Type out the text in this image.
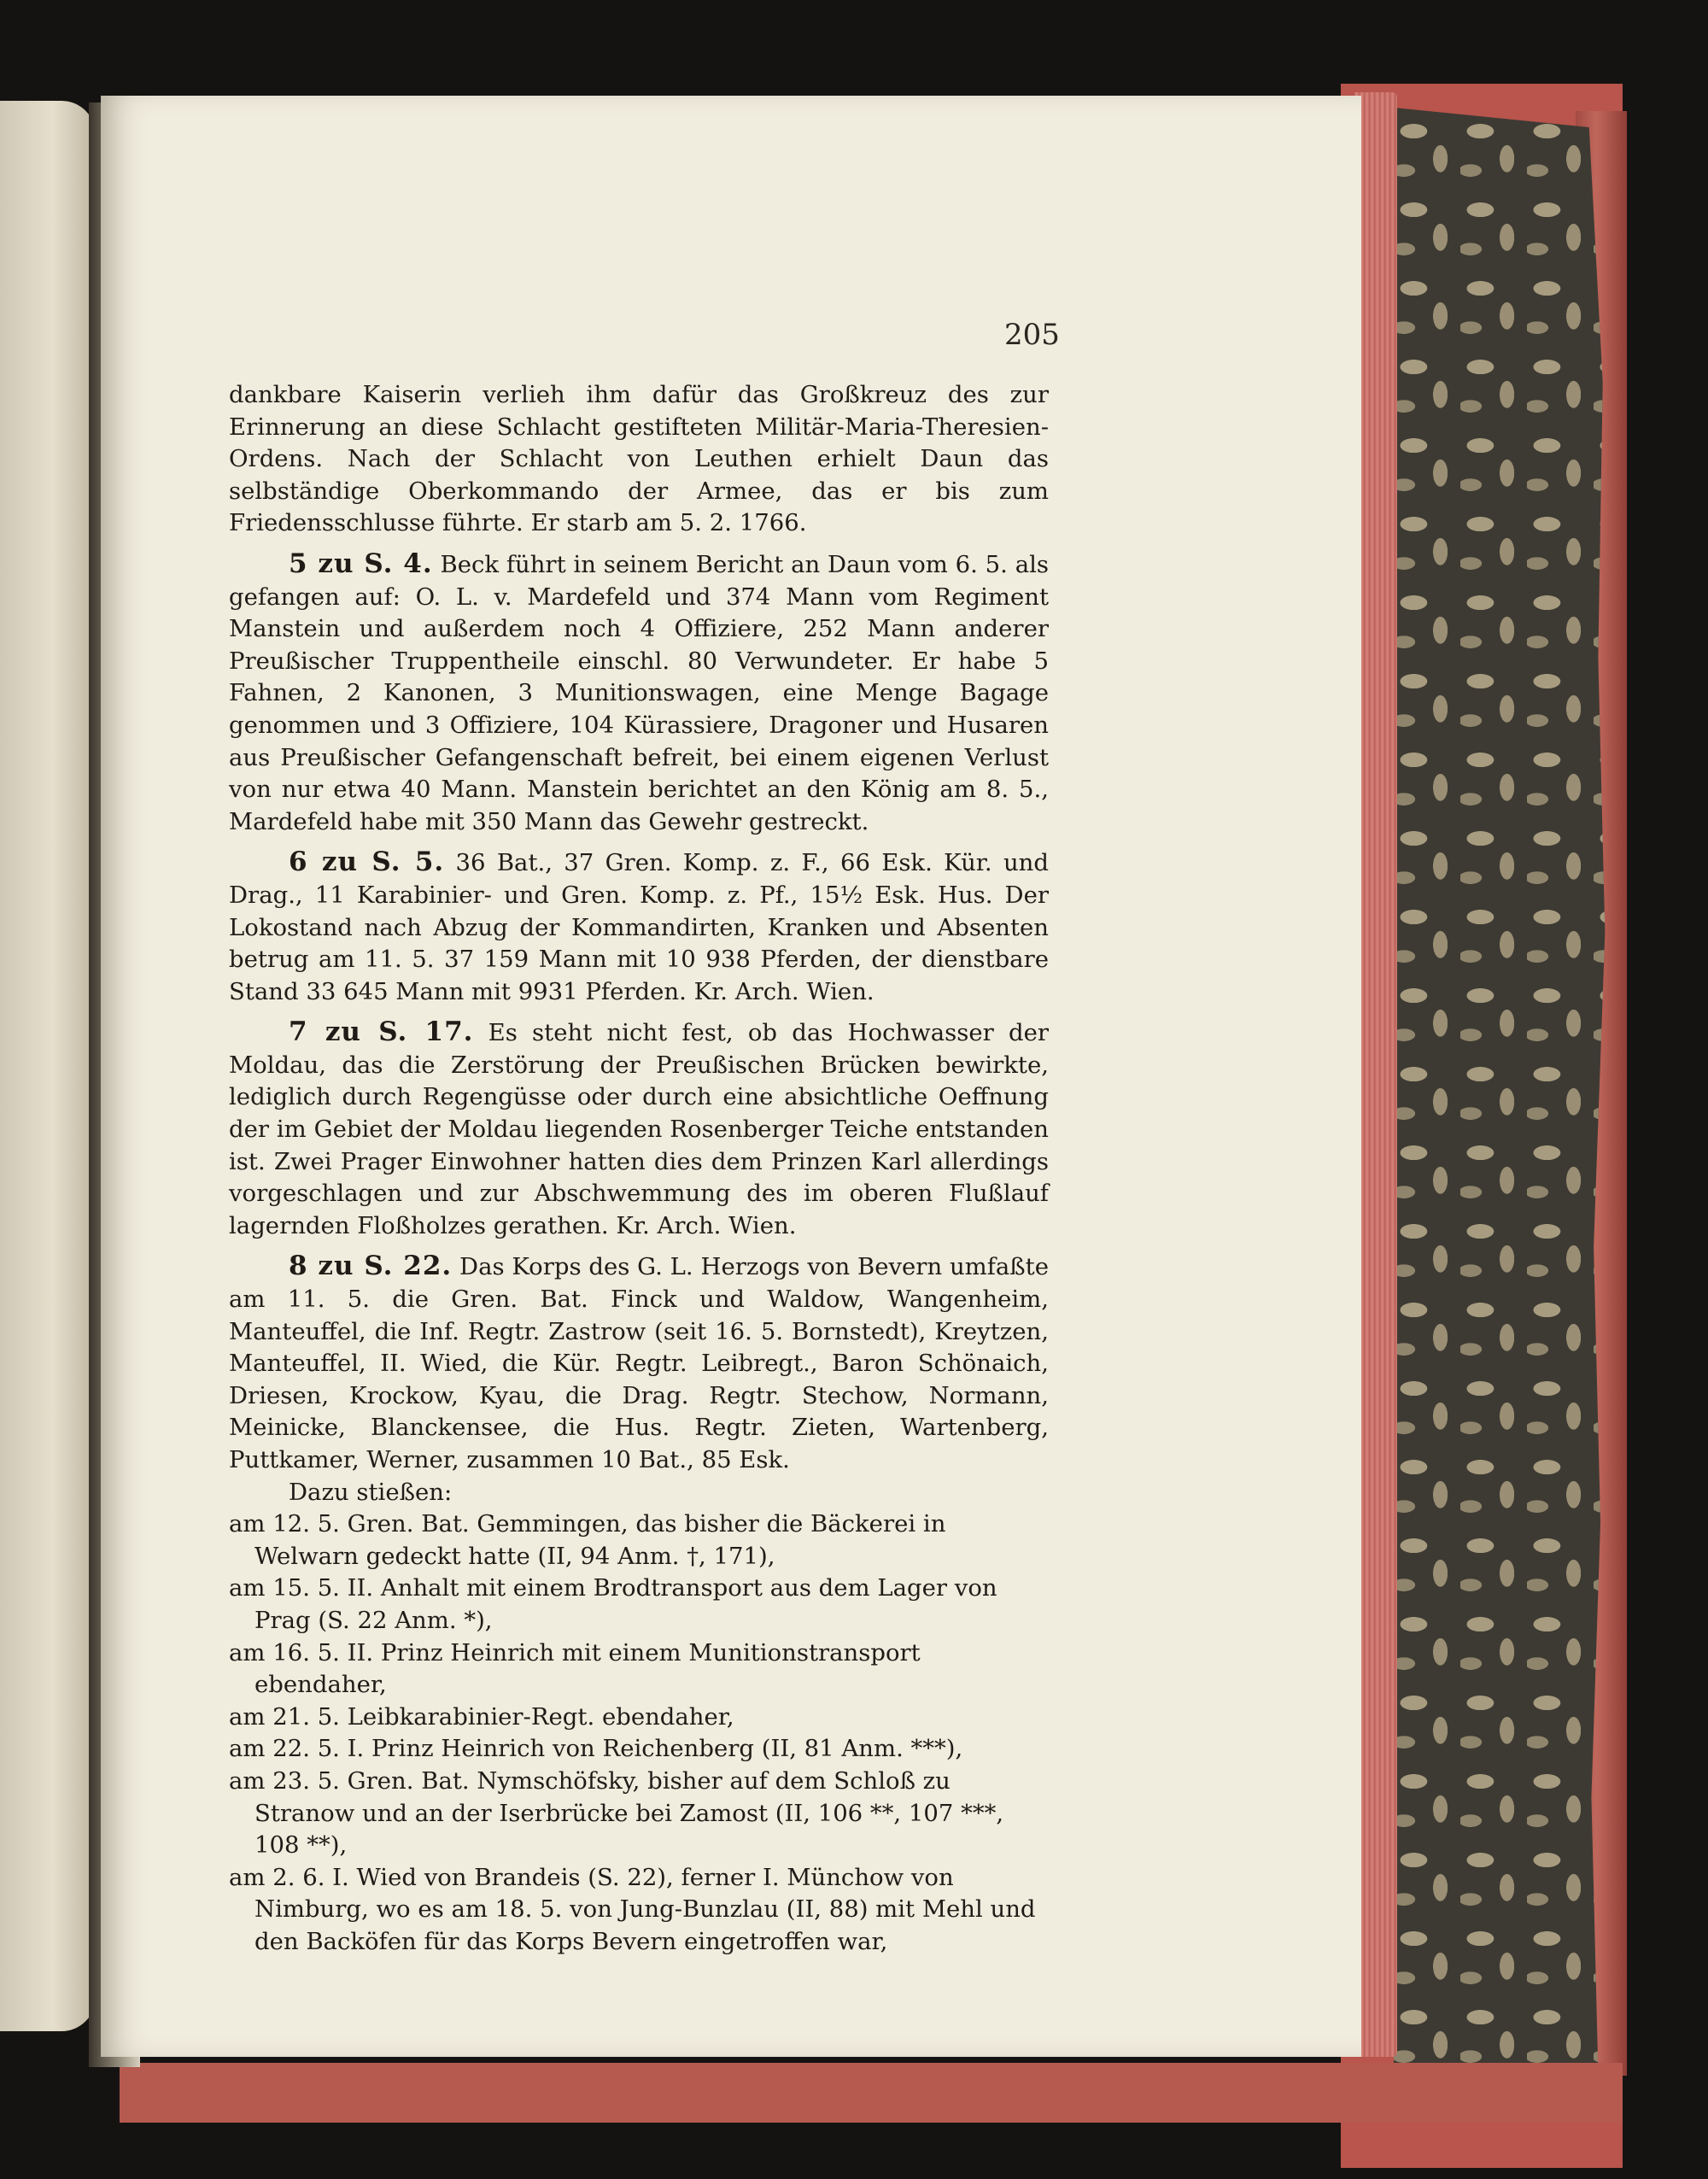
205

dankbare Kaiserin verlieh ihm dafür das Großkreuz des zur Erinnerung an diese Schlacht gestifteten Militär-Maria-Theresien-Ordens. Nach der Schlacht von Leuthen erhielt Daun das selbständige Oberkommando der Armee, das er bis zum Friedensschlusse führte. Er starb am 5. 2. 1766.

5 zu S. 4. Beck führt in seinem Bericht an Daun vom 6. 5. als gefangen auf: O. L. v. Mardefeld und 374 Mann vom Regiment Manstein und außerdem noch 4 Offiziere, 252 Mann anderer Preußischer Truppentheile einschl. 80 Verwundeter. Er habe 5 Fahnen, 2 Kanonen, 3 Munitionswagen, eine Menge Bagage genommen und 3 Offiziere, 104 Kürassiere, Dragoner und Husaren aus Preußischer Gefangenschaft befreit, bei einem eigenen Verlust von nur etwa 40 Mann. Manstein berichtet an den König am 8. 5., Mardefeld habe mit 350 Mann das Gewehr gestreckt.

6 zu S. 5. 36 Bat., 37 Gren. Komp. z. F., 66 Esk. Kür. und Drag., 11 Karabinier- und Gren. Komp. z. Pf., 15½ Esk. Hus. Der Lokostand nach Abzug der Kommandirten, Kranken und Absenten betrug am 11. 5. 37 159 Mann mit 10 938 Pferden, der dienstbare Stand 33 645 Mann mit 9931 Pferden. Kr. Arch. Wien.

7 zu S. 17. Es steht nicht fest, ob das Hochwasser der Moldau, das die Zerstörung der Preußischen Brücken bewirkte, lediglich durch Regengüsse oder durch eine absichtliche Oeffnung der im Gebiet der Moldau liegenden Rosenberger Teiche entstanden ist. Zwei Prager Einwohner hatten dies dem Prinzen Karl allerdings vorgeschlagen und zur Abschwemmung des im oberen Flußlauf lagernden Floßholzes gerathen. Kr. Arch. Wien.

8 zu S. 22. Das Korps des G. L. Herzogs von Bevern umfaßte am 11. 5. die Gren. Bat. Finck und Waldow, Wangenheim, Manteuffel, die Inf. Regtr. Zastrow (seit 16. 5. Bornstedt), Kreytzen, Manteuffel, II. Wied, die Kür. Regtr. Leibregt., Baron Schönaich, Driesen, Krockow, Kyau, die Drag. Regtr. Stechow, Normann, Meinicke, Blanckensee, die Hus. Regtr. Zieten, Wartenberg, Puttkamer, Werner, zusammen 10 Bat., 85 Esk.

Dazu stießen:

am 12. 5. Gren. Bat. Gemmingen, das bisher die Bäckerei in Welwarn gedeckt hatte (II, 94 Anm. †, 171),

am 15. 5. II. Anhalt mit einem Brodtransport aus dem Lager von Prag (S. 22 Anm. *),

am 16. 5. II. Prinz Heinrich mit einem Munitionstransport ebendaher,

am 21. 5. Leibkarabinier-Regt. ebendaher,

am 22. 5. I. Prinz Heinrich von Reichenberg (II, 81 Anm. ***),

am 23. 5. Gren. Bat. Nymschöfsky, bisher auf dem Schloß zu Stranow und an der Iserbrücke bei Zamost (II, 106 **, 107 ***, 108 **),

am 2. 6. I. Wied von Brandeis (S. 22), ferner I. Münchow von Nimburg, wo es am 18. 5. von Jung-Bunzlau (II, 88) mit Mehl und den Backöfen für das Korps Bevern eingetroffen war,
